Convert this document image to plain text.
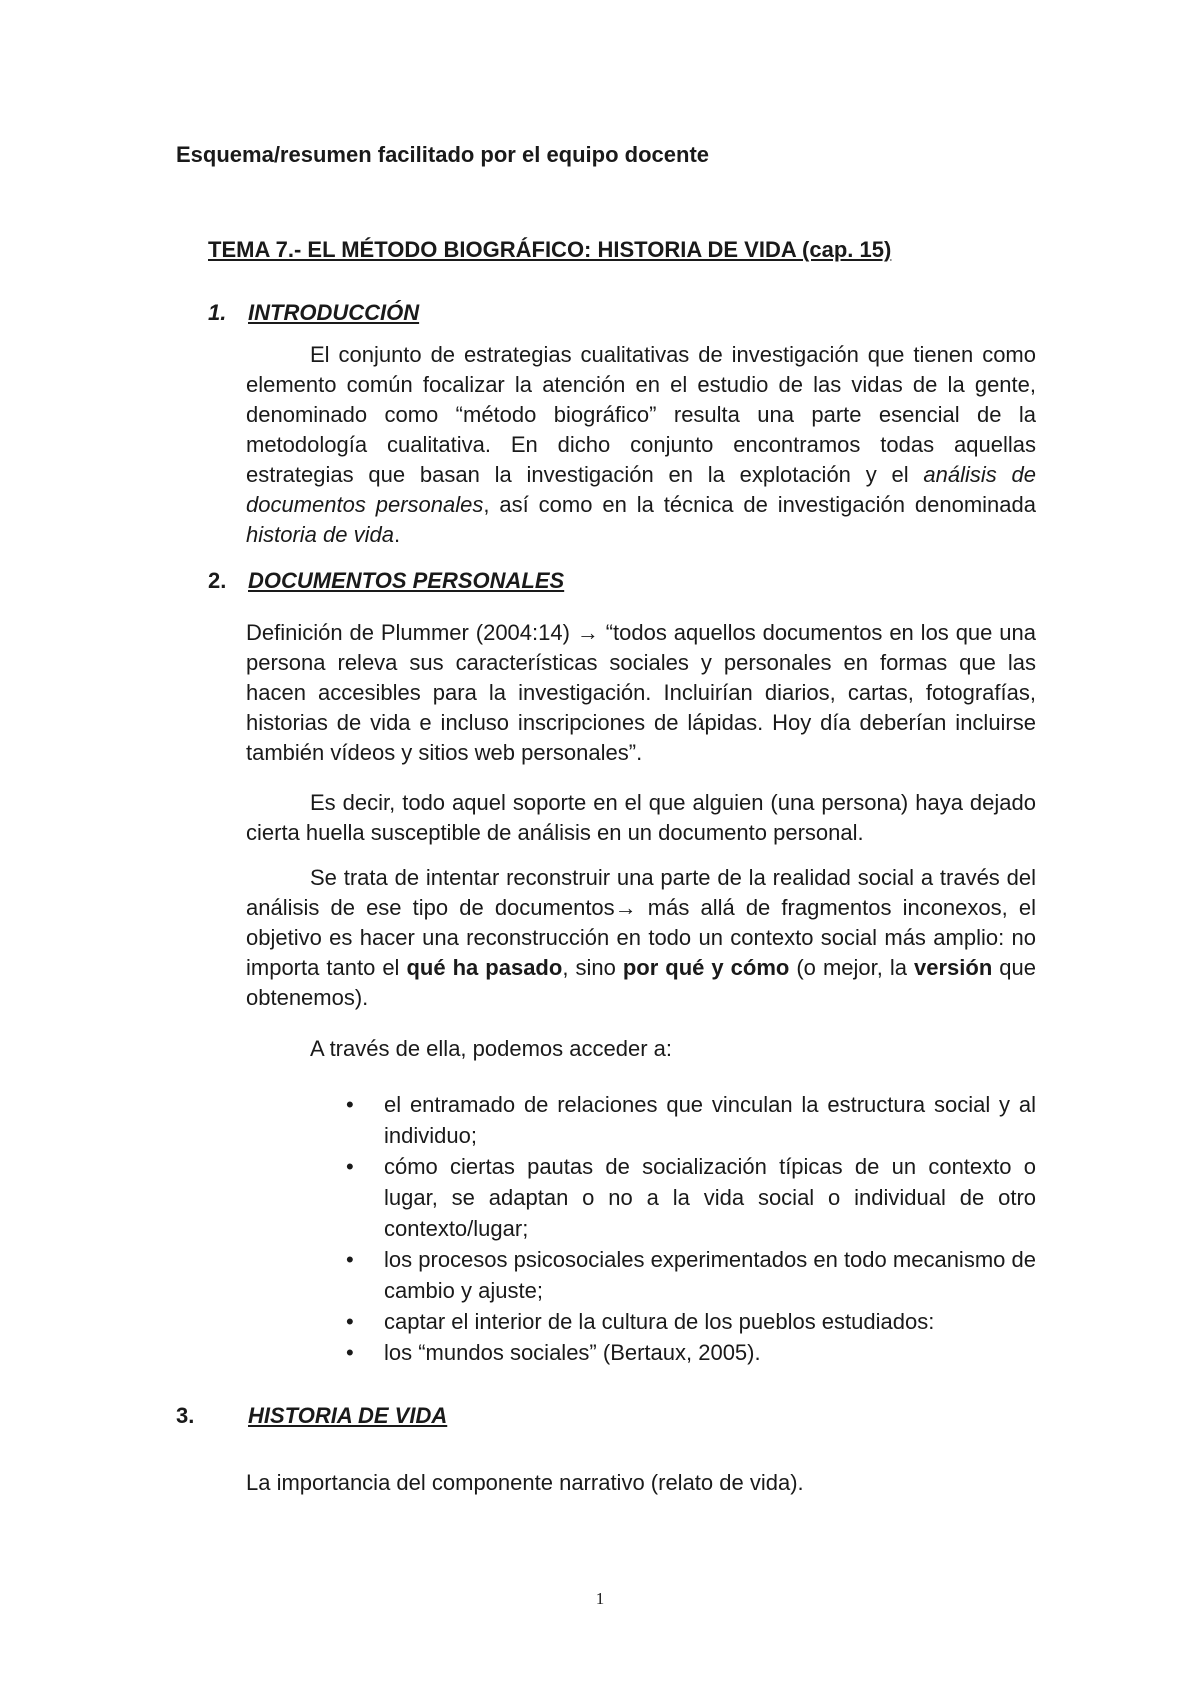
Esquema/resumen facilitado por el equipo docente
TEMA 7.- EL MÉTODO BIOGRÁFICO: HISTORIA DE VIDA (cap. 15)
1. INTRODUCCIÓN

El conjunto de estrategias cualitativas de investigación que tienen como elemento común focalizar la atención en el estudio de las vidas de la gente, denominado como “método biográfico” resulta una parte esencial de la metodología cualitativa. En dicho conjunto encontramos todas aquellas estrategias que basan la investigación en la explotación y el análisis de documentos personales, así como en la técnica de investigación denominada historia de vida.

2. DOCUMENTOS PERSONALES

Definición de Plummer (2004:14) → “todos aquellos documentos en los que una persona releva sus características sociales y personales en formas que las hacen accesibles para la investigación. Incluirían diarios, cartas, fotografías, historias de vida e incluso inscripciones de lápidas. Hoy día deberían incluirse también vídeos y sitios web personales”.

Es decir, todo aquel soporte en el que alguien (una persona) haya dejado cierta huella susceptible de análisis en un documento personal.

Se trata de intentar reconstruir una parte de la realidad social a través del análisis de ese tipo de documentos→ más allá de fragmentos inconexos, el objetivo es hacer una reconstrucción en todo un contexto social más amplio: no importa tanto el qué ha pasado, sino por qué y cómo (o mejor, la versión que obtenemos).

A través de ella, podemos acceder a:

• el entramado de relaciones que vinculan la estructura social y al individuo;
• cómo ciertas pautas de socialización típicas de un contexto o lugar, se adaptan o no a la vida social o individual de otro contexto/lugar;
• los procesos psicosociales experimentados en todo mecanismo de cambio y ajuste;
• captar el interior de la cultura de los pueblos estudiados:
• los “mundos sociales” (Bertaux, 2005).
3. HISTORIA DE VIDA

La importancia del componente narrativo (relato de vida).

1
